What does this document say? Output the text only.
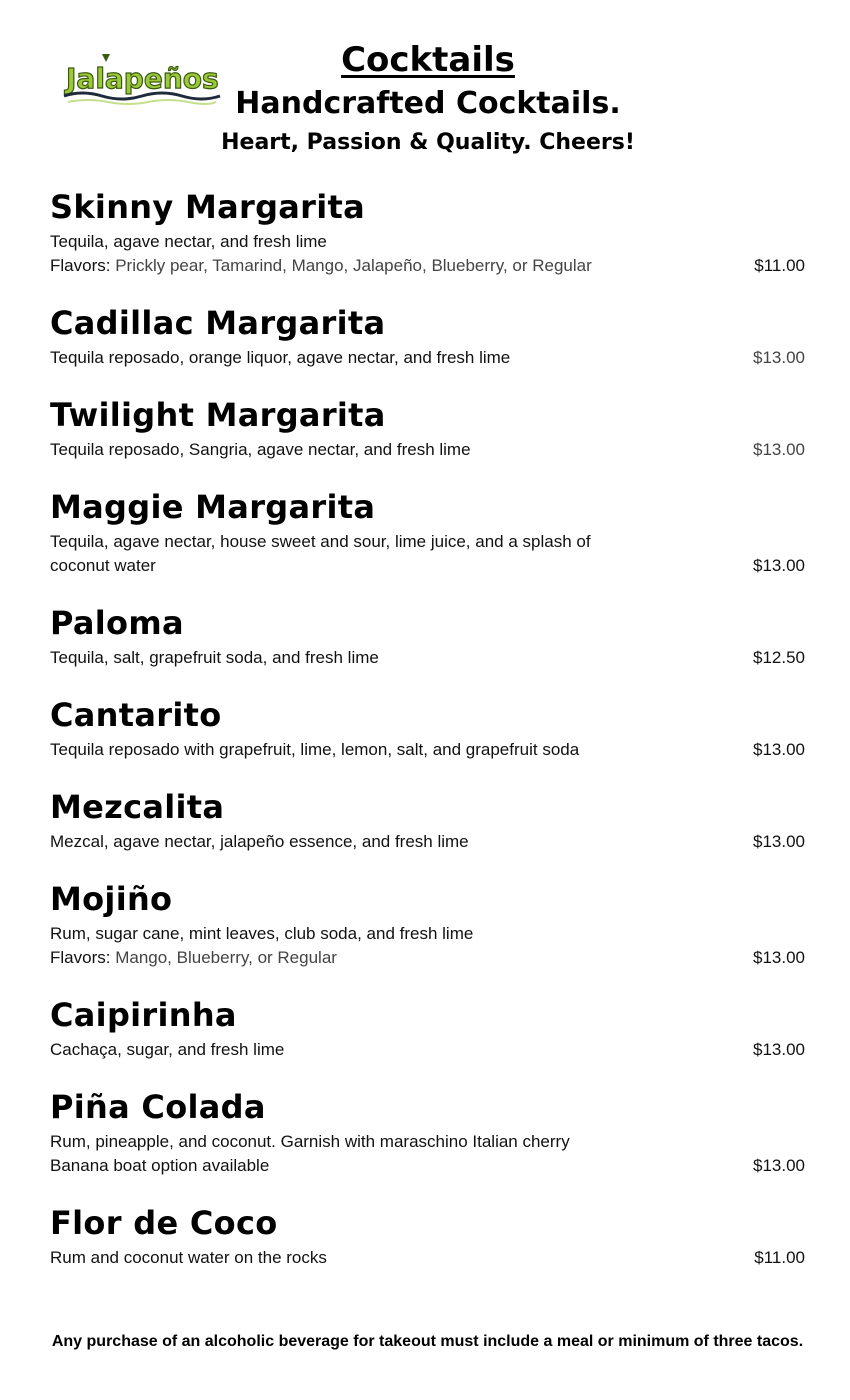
Jalapeños	Cocktails

Handcrafted Cocktails.

Heart, Passion & Quality. Cheers!

Skinny Margarita

Tequila, agave nectar, and fresh lime

Flavors: Prickly pear, Tamarind, Mango, Jalapeño, Blueberry, or Regular	$11.00

Cadillac Margarita

Tequila reposado, orange liquor, agave nectar, and fresh lime	$13.00

Twilight Margarita

Tequila reposado, Sangria, agave nectar, and fresh lime	$13.00

Maggie Margarita

Tequila, agave nectar, house sweet and sour, lime juice, and a splash of coconut water	$13.00

Paloma

Tequila, salt, grapefruit soda, and fresh lime	$12.50

Cantarito

Tequila reposado with grapefruit, lime, lemon, salt, and grapefruit soda	$13.00

Mezcalita

Mezcal, agave nectar, jalapeño essence, and fresh lime	$13.00

Mojiño

Rum, sugar cane, mint leaves, club soda, and fresh lime

Flavors: Mango, Blueberry, or Regular	$13.00

Caipirinha

Cachaça, sugar, and fresh lime	$13.00

Piña Colada

Rum, pineapple, and coconut. Garnish with maraschino Italian cherry

Banana boat option available	$13.00

Flor de Coco

Rum and coconut water on the rocks	$11.00
Any purchase of an alcoholic beverage for takeout must include a meal or minimum of three tacos.
